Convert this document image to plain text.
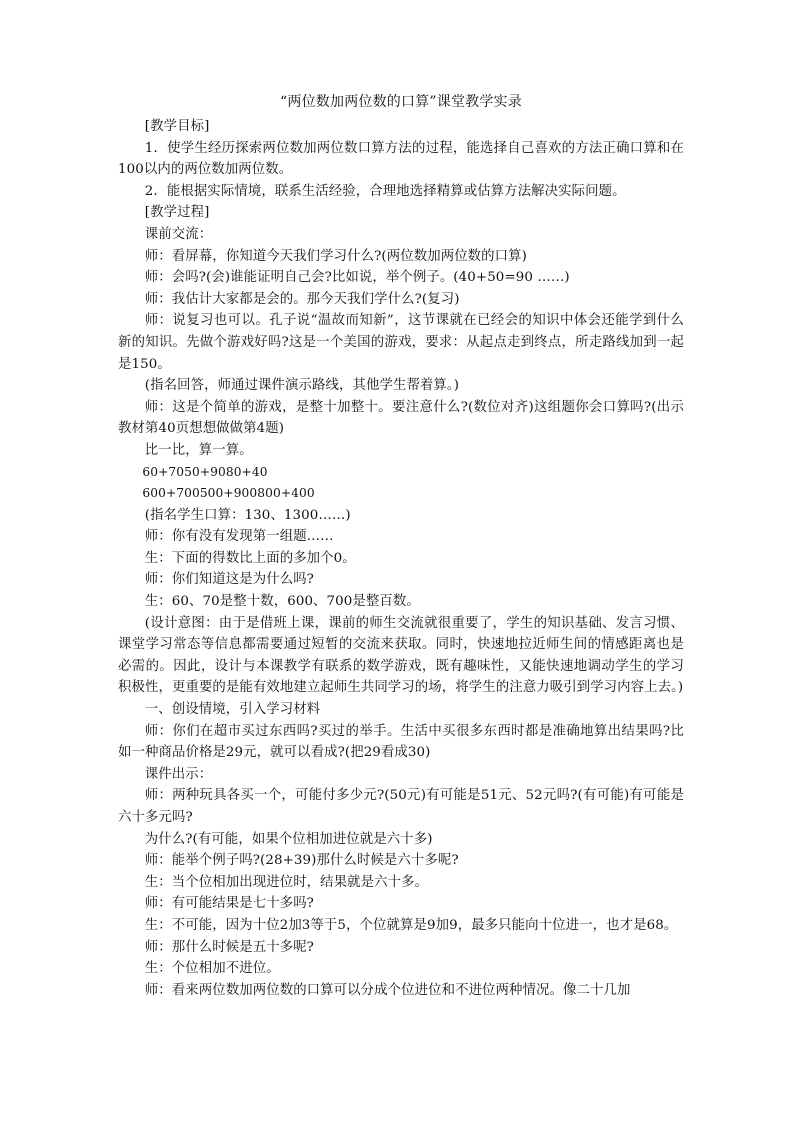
“两位数加两位数的口算”课堂教学实录

[教学目标]

1．使学生经历探索两位数加两位数口算方法的过程，能选择自己喜欢的方法正确口算和在100以内的两位数加两位数。

2．能根据实际情境，联系生活经验，合理地选择精算或估算方法解决实际问题。

[教学过程]

课前交流：

师：看屏幕，你知道今天我们学习什么?(两位数加两位数的口算)

师：会吗?(会)谁能证明自己会?比如说，举个例子。(40+50=90 ……)

师：我估计大家都是会的。那今天我们学什么?(复习)

师：说复习也可以。孔子说“温故而知新”，这节课就在已经会的知识中体会还能学到什么新的知识。先做个游戏好吗?这是一个美国的游戏，要求：从起点走到终点，所走路线加到一起是150。

(指名回答，师通过课件演示路线，其他学生帮着算。)

师：这是个简单的游戏，是整十加整十。要注意什么?(数位对齐)这组题你会口算吗?(出示教材第40页想想做做第4题)

比一比，算一算。

60+7050+9080+40

600+700500+900800+400

(指名学生口算：130、1300……)

师：你有没有发现第一组题……

生：下面的得数比上面的多加个0。

师：你们知道这是为什么吗?

生：60、70是整十数，600、700是整百数。

(设计意图：由于是借班上课，课前的师生交流就很重要了，学生的知识基础、发言习惯、课堂学习常态等信息都需要通过短暂的交流来获取。同时，快速地拉近师生间的情感距离也是必需的。因此，设计与本课教学有联系的数学游戏，既有趣味性，又能快速地调动学生的学习积极性，更重要的是能有效地建立起师生共同学习的场，将学生的注意力吸引到学习内容上去。)

一、创设情境，引入学习材料

师：你们在超市买过东西吗?买过的举手。生活中买很多东西时都是准确地算出结果吗?比如一种商品价格是29元，就可以看成?(把29看成30)

课件出示：

师：两种玩具各买一个，可能付多少元?(50元)有可能是51元、52元吗?(有可能)有可能是六十多元吗?

为什么?(有可能，如果个位相加进位就是六十多)

师：能举个例子吗?(28+39)那什么时候是六十多呢?

生：当个位相加出现进位时，结果就是六十多。

师：有可能结果是七十多吗?

生：不可能，因为十位2加3等于5，个位就算是9加9，最多只能向十位进一，也才是68。

师：那什么时候是五十多呢?

生：个位相加不进位。

师：看来两位数加两位数的口算可以分成个位进位和不进位两种情况。像二十几加
